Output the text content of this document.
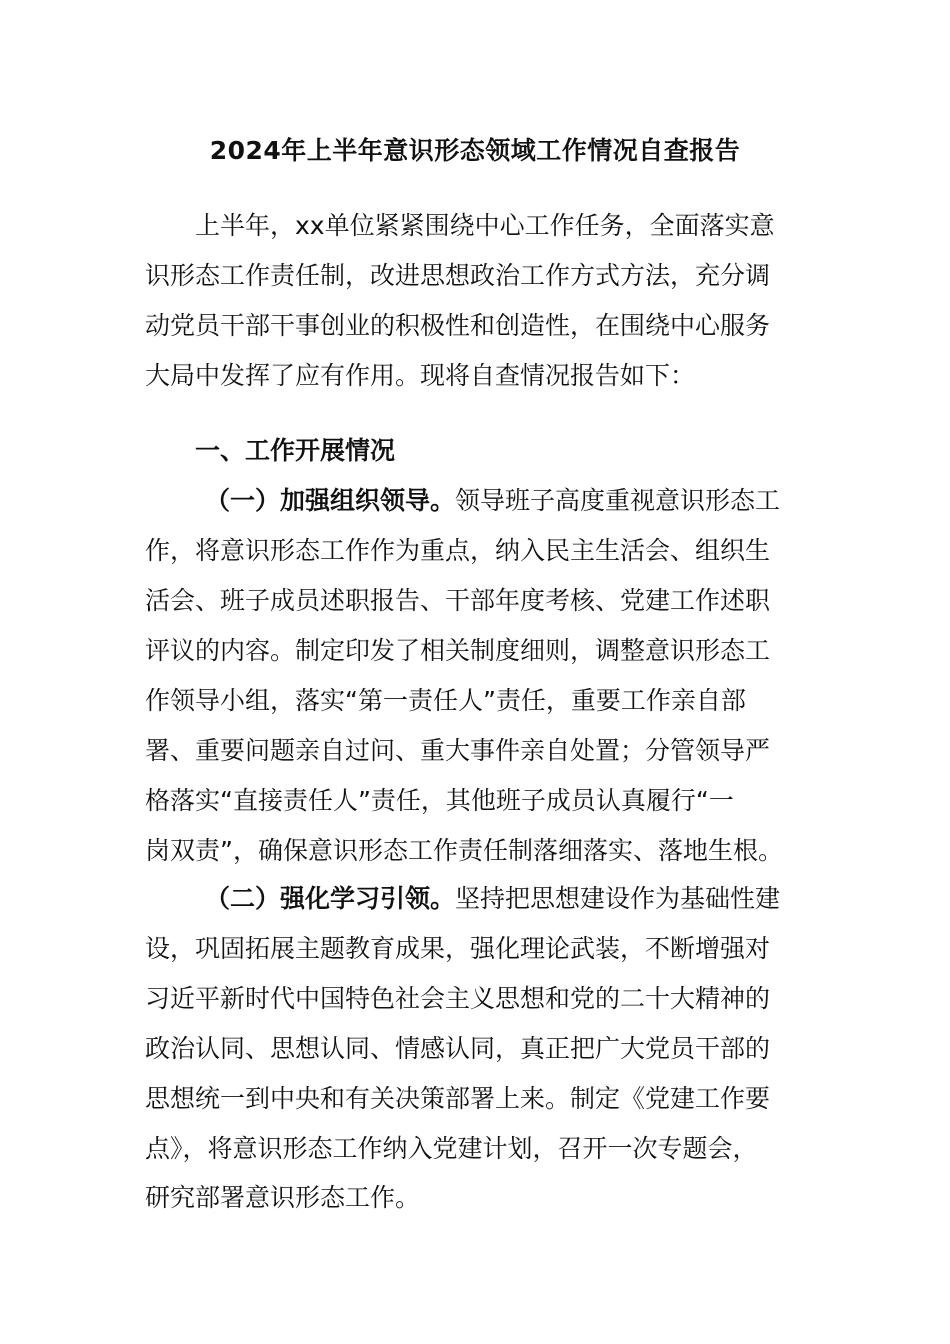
2024年上半年意识形态领域工作情况自查报告

上半年，xx单位紧紧围绕中心工作任务，全面落实意

识形态工作责任制，改进思想政治工作方式方法，充分调

动党员干部干事创业的积极性和创造性，在围绕中心服务

大局中发挥了应有作用。现将自查情况报告如下：

一、工作开展情况

（一）加强组织领导。领导班子高度重视意识形态工

作，将意识形态工作作为重点，纳入民主生活会、组织生

活会、班子成员述职报告、干部年度考核、党建工作述职

评议的内容。制定印发了相关制度细则，调整意识形态工

作领导小组，落实“第一责任人”责任，重要工作亲自部

署、重要问题亲自过问、重大事件亲自处置；分管领导严

格落实“直接责任人”责任，其他班子成员认真履行“一

岗双责”，确保意识形态工作责任制落细落实、落地生根。

（二）强化学习引领。坚持把思想建设作为基础性建

设，巩固拓展主题教育成果，强化理论武装，不断增强对

习近平新时代中国特色社会主义思想和党的二十大精神的

政治认同、思想认同、情感认同，真正把广大党员干部的

思想统一到中央和有关决策部署上来。制定《党建工作要

点》，将意识形态工作纳入党建计划，召开一次专题会，

研究部署意识形态工作。
